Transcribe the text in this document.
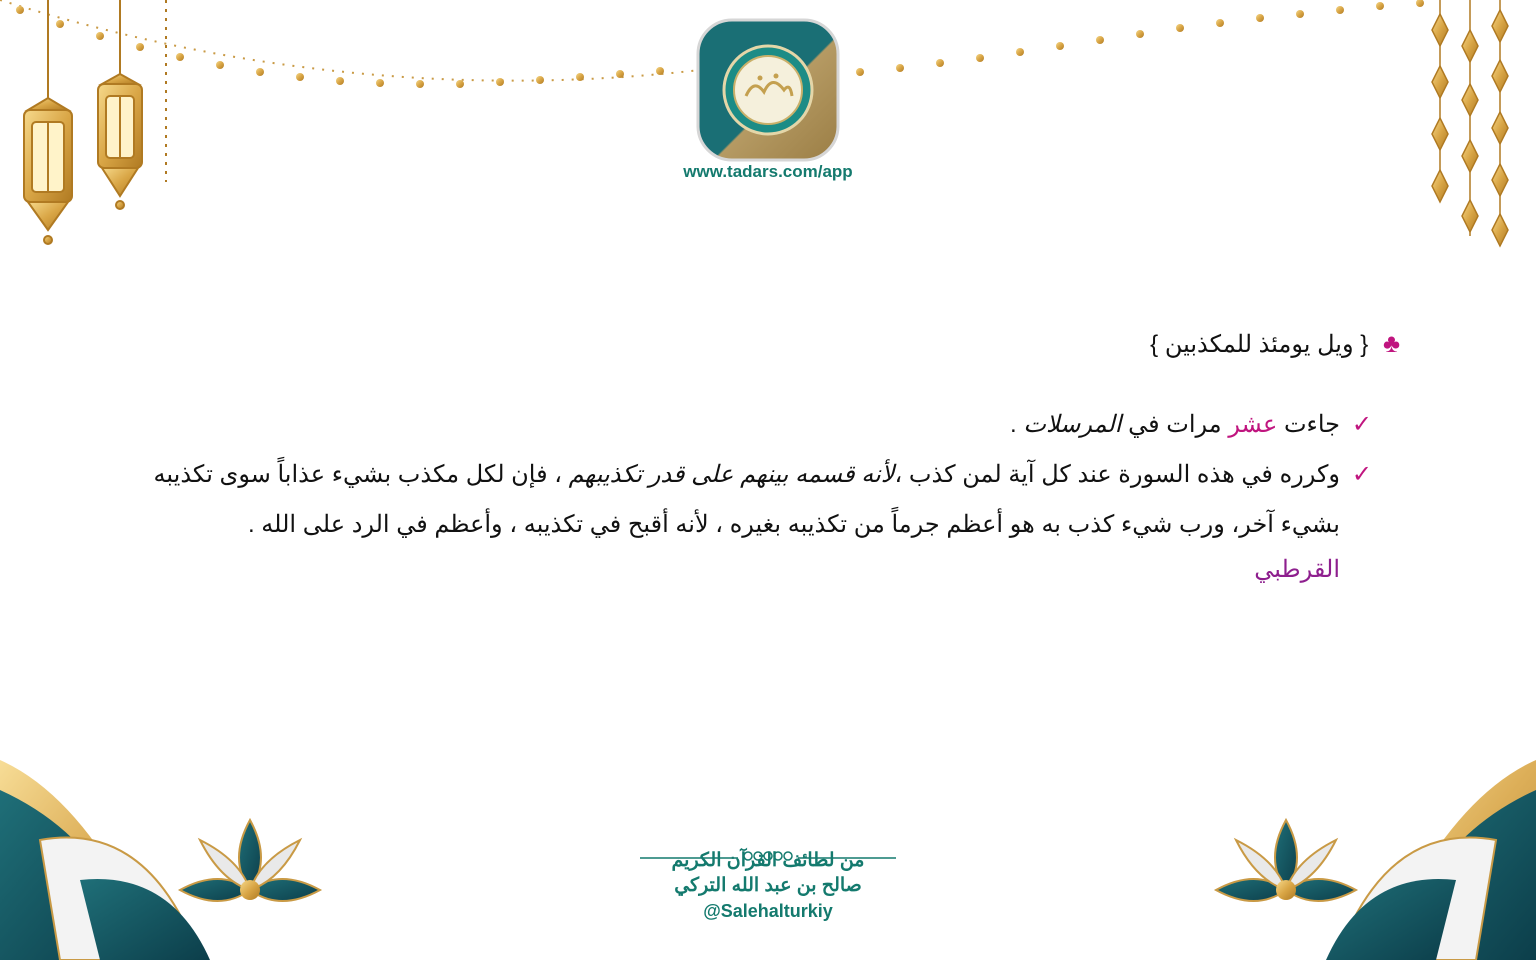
www.tadars.com/app
♣ { ويل يومئذ للمكذبين }
✓
جاءت عشر مرات في المرسلات .
✓
وكرره في هذه السورة عند كل آية لمن كذب ،لأنه قسمه بينهم على قدر تكذيبهم ، فإن لكل مكذب بشيء عذاباً سوى تكذيبه بشيء آخر، ورب شيء كذب به هو أعظم جرماً من تكذيبه بغيره ، لأنه أقبح في تكذيبه ، وأعظم في الرد على الله .
القرطبي
من لطائف القرآن الكريم
صالح بن عبد الله التركي
@Salehalturkiy
